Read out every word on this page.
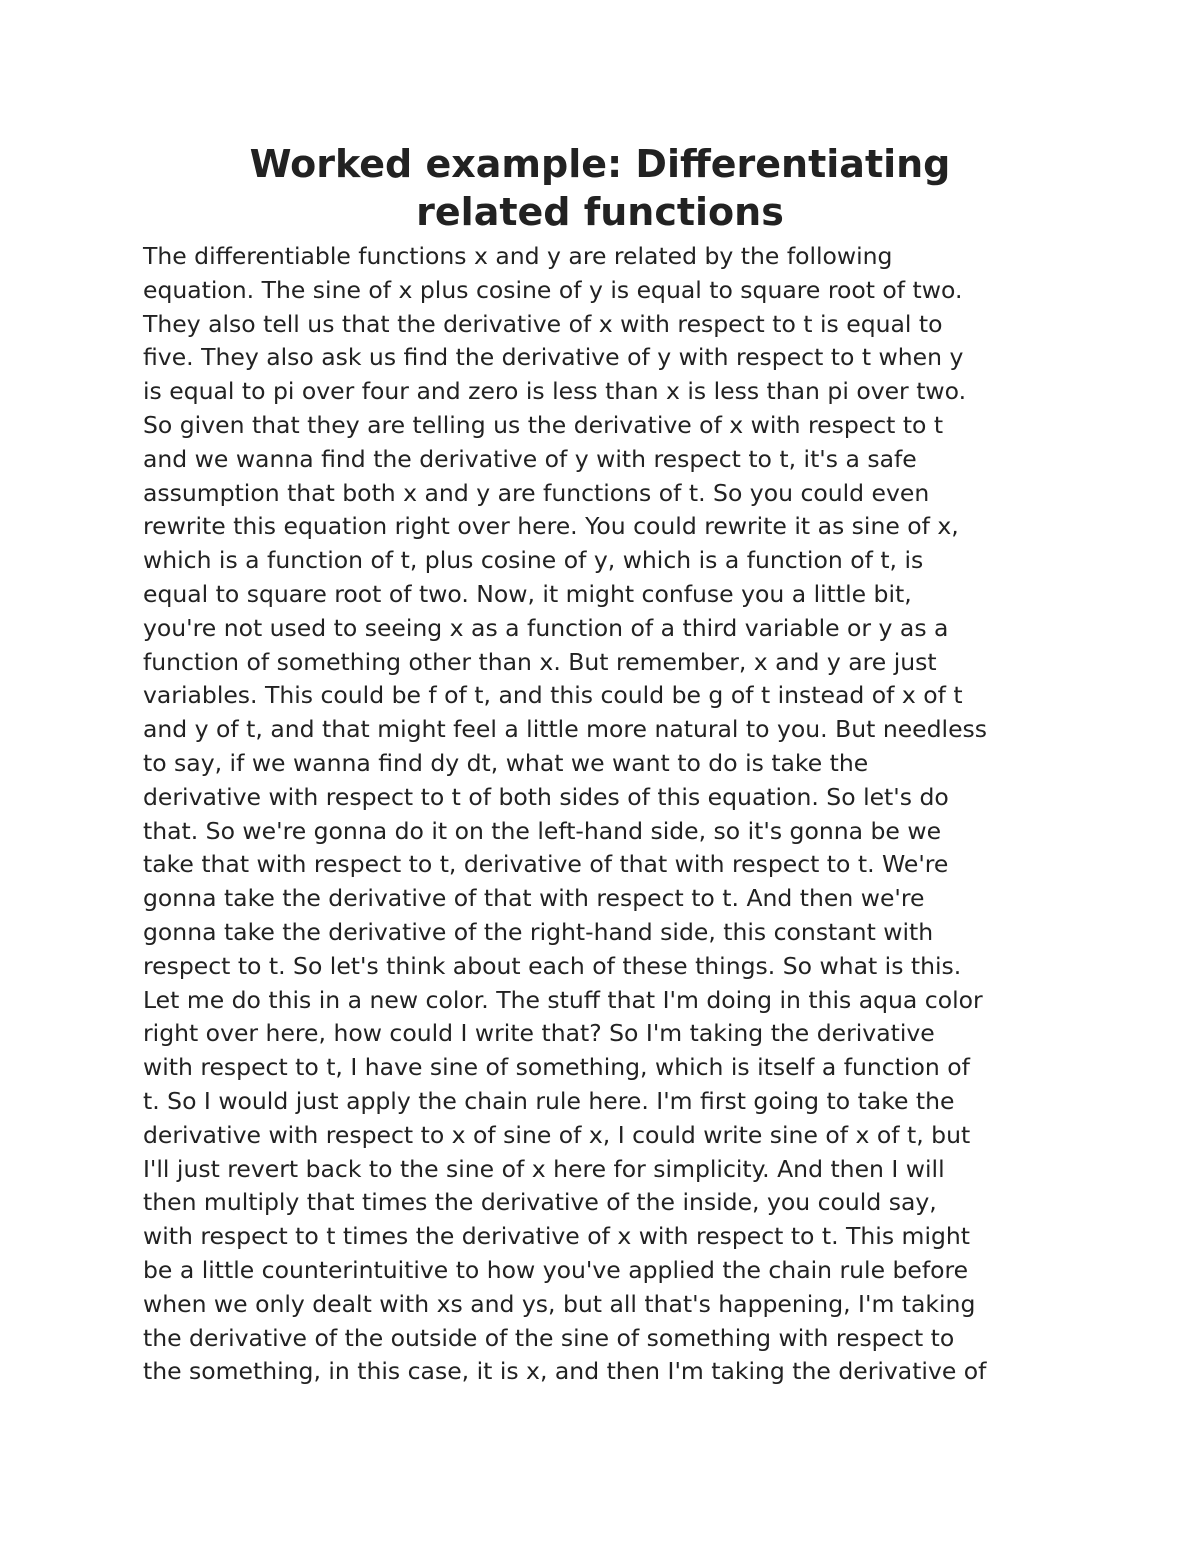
Worked example: Differentiating
related functions
The differentiable functions x and y are related by the following
equation. The sine of x plus cosine of y is equal to square root of two.
They also tell us that the derivative of x with respect to t is equal to
five. They also ask us find the derivative of y with respect to t when y
is equal to pi over four and zero is less than x is less than pi over two.
So given that they are telling us the derivative of x with respect to t
and we wanna find the derivative of y with respect to t, it's a safe
assumption that both x and y are functions of t. So you could even
rewrite this equation right over here. You could rewrite it as sine of x,
which is a function of t, plus cosine of y, which is a function of t, is
equal to square root of two. Now, it might confuse you a little bit,
you're not used to seeing x as a function of a third variable or y as a
function of something other than x. But remember, x and y are just
variables. This could be f of t, and this could be g of t instead of x of t
and y of t, and that might feel a little more natural to you. But needless
to say, if we wanna find dy dt, what we want to do is take the
derivative with respect to t of both sides of this equation. So let's do
that. So we're gonna do it on the left-hand side, so it's gonna be we
take that with respect to t, derivative of that with respect to t. We're
gonna take the derivative of that with respect to t. And then we're
gonna take the derivative of the right-hand side, this constant with
respect to t. So let's think about each of these things. So what is this.
Let me do this in a new color. The stuff that I'm doing in this aqua color
right over here, how could I write that? So I'm taking the derivative
with respect to t, I have sine of something, which is itself a function of
t. So I would just apply the chain rule here. I'm first going to take the
derivative with respect to x of sine of x, I could write sine of x of t, but
I'll just revert back to the sine of x here for simplicity. And then I will
then multiply that times the derivative of the inside, you could say,
with respect to t times the derivative of x with respect to t. This might
be a little counterintuitive to how you've applied the chain rule before
when we only dealt with xs and ys, but all that's happening, I'm taking
the derivative of the outside of the sine of something with respect to
the something, in this case, it is x, and then I'm taking the derivative of
